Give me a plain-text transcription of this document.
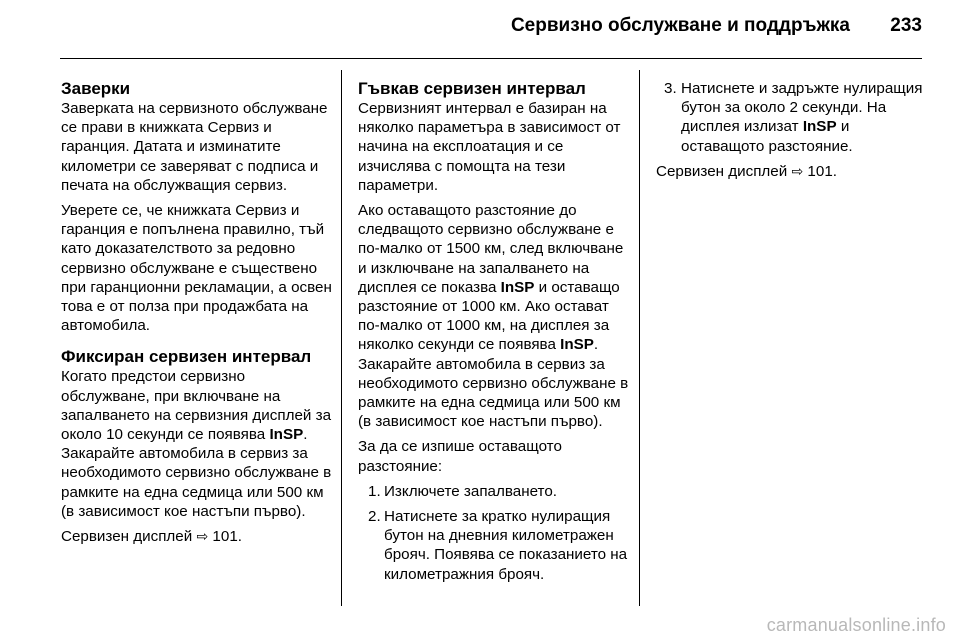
Сервизно обслужване и поддръжка 233
Заверки

Заверката на сервизното обслужване се прави в книжката Сервиз и гаранция. Датата и изминатите километри се заверяват с подписа и печата на обслужващия сервиз.

Уверете се, че книжката Сервиз и гаранция е попълнена правилно, тъй като доказателството за редовно сервизно обслужване е съществено при гаранционни рекламации, а освен това е от полза при продажбата на автомобила.

Фиксиран сервизен интервал

Когато предстои сервизно обслужване, при включване на запалването на сервизния дисплей за около 10 секунди се появява InSP. Закарайте автомобила в сервиз за необходимото сервизно обслужване в рамките на една седмица или 500 км (в зависимост кое настъпи първо).

Сервизен дисплей ⇨ 101.

Гъвкав сервизен интервал

Сервизният интервал е базиран на няколко параметъра в зависимост от начина на експлоатация и се изчислява с помощта на тези параметри.

Ако оставащото разстояние до следващото сервизно обслужване е по-малко от 1500 км, след включване и изключване на запалването на дисплея се показва InSP и оставащо разстояние от 1000 км. Ако остават по-малко от 1000 км, на дисплея за няколко секунди се появява InSP. Закарайте автомобила в сервиз за необходимото сервизно обслужване в рамките на една седмица или 500 км (в зависимост кое настъпи първо).

За да се изпише оставащото разстояние:

1. Изключете запалването.
2. Натиснете за кратко нулиращия бутон на дневния километражен брояч. Появява се показанието на километражния брояч.
3. Натиснете и задръжте нулиращия бутон за около 2 секунди. На дисплея излизат InSP и оставащото разстояние.

Сервизен дисплей ⇨ 101.

carmanualsonline.info
